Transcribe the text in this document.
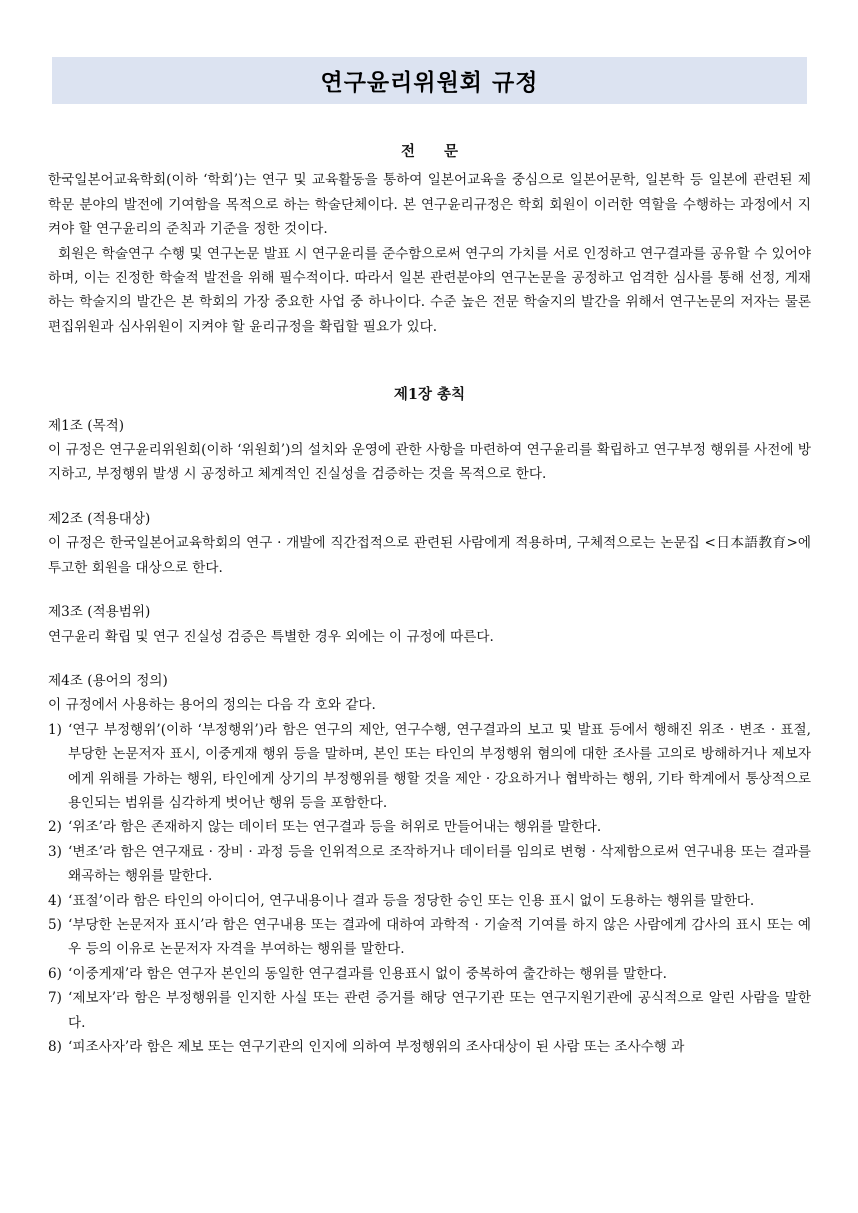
연구윤리위원회 규정
전 문

한국일본어교육학회(이하 ‘학회’)는 연구 및 교육활동을 통하여 일본어교육을 중심으로 일본어문학, 일본학 등 일본에 관련된 제 학문 분야의 발전에 기여함을 목적으로 하는 학술단체이다. 본 연구윤리규정은 학회 회원이 이러한 역할을 수행하는 과정에서 지켜야 할 연구윤리의 준칙과 기준을 정한 것이다.

회원은 학술연구 수행 및 연구논문 발표 시 연구윤리를 준수함으로써 연구의 가치를 서로 인정하고 연구결과를 공유할 수 있어야 하며, 이는 진정한 학술적 발전을 위해 필수적이다. 따라서 일본 관련분야의 연구논문을 공정하고 엄격한 심사를 통해 선정, 게재하는 학술지의 발간은 본 학회의 가장 중요한 사업 중 하나이다. 수준 높은 전문 학술지의 발간을 위해서 연구논문의 저자는 물론 편집위원과 심사위원이 지켜야 할 윤리규정을 확립할 필요가 있다.

제1장 총칙

제1조 (목적)

이 규정은 연구윤리위원회(이하 ‘위원회’)의 설치와 운영에 관한 사항을 마련하여 연구윤리를 확립하고 연구부정 행위를 사전에 방지하고, 부정행위 발생 시 공정하고 체계적인 진실성을 검증하는 것을 목적으로 한다.

제2조 (적용대상)

이 규정은 한국일본어교육학회의 연구 · 개발에 직간접적으로 관련된 사람에게 적용하며, 구체적으로는 논문집 <日本語教育>에 투고한 회원을 대상으로 한다.

제3조 (적용범위)

연구윤리 확립 및 연구 진실성 검증은 특별한 경우 외에는 이 규정에 따른다.

제4조 (용어의 정의)

이 규정에서 사용하는 용어의 정의는 다음 각 호와 같다.

1) ‘연구 부정행위’(이하 ‘부정행위’)라 함은 연구의 제안, 연구수행, 연구결과의 보고 및 발표 등에서 행해진 위조 · 변조 · 표절, 부당한 논문저자 표시, 이중게재 행위 등을 말하며, 본인 또는 타인의 부정행위 혐의에 대한 조사를 고의로 방해하거나 제보자에게 위해를 가하는 행위, 타인에게 상기의 부정행위를 행할 것을 제안 · 강요하거나 협박하는 행위, 기타 학계에서 통상적으로 용인되는 범위를 심각하게 벗어난 행위 등을 포함한다.
2) ‘위조’라 함은 존재하지 않는 데이터 또는 연구결과 등을 허위로 만들어내는 행위를 말한다.
3) ‘변조’라 함은 연구재료 · 장비 · 과정 등을 인위적으로 조작하거나 데이터를 임의로 변형 · 삭제함으로써 연구내용 또는 결과를 왜곡하는 행위를 말한다.
4) ‘표절’이라 함은 타인의 아이디어, 연구내용이나 결과 등을 정당한 승인 또는 인용 표시 없이 도용하는 행위를 말한다.
5) ‘부당한 논문저자 표시’라 함은 연구내용 또는 결과에 대하여 과학적 · 기술적 기여를 하지 않은 사람에게 감사의 표시 또는 예우 등의 이유로 논문저자 자격을 부여하는 행위를 말한다.
6) ‘이중게재’라 함은 연구자 본인의 동일한 연구결과를 인용표시 없이 중복하여 출간하는 행위를 말한다.
7) ‘제보자’라 함은 부정행위를 인지한 사실 또는 관련 증거를 해당 연구기관 또는 연구지원기관에 공식적으로 알린 사람을 말한다.
8) ‘피조사자’라 함은 제보 또는 연구기관의 인지에 의하여 부정행위의 조사대상이 된 사람 또는 조사수행 과
